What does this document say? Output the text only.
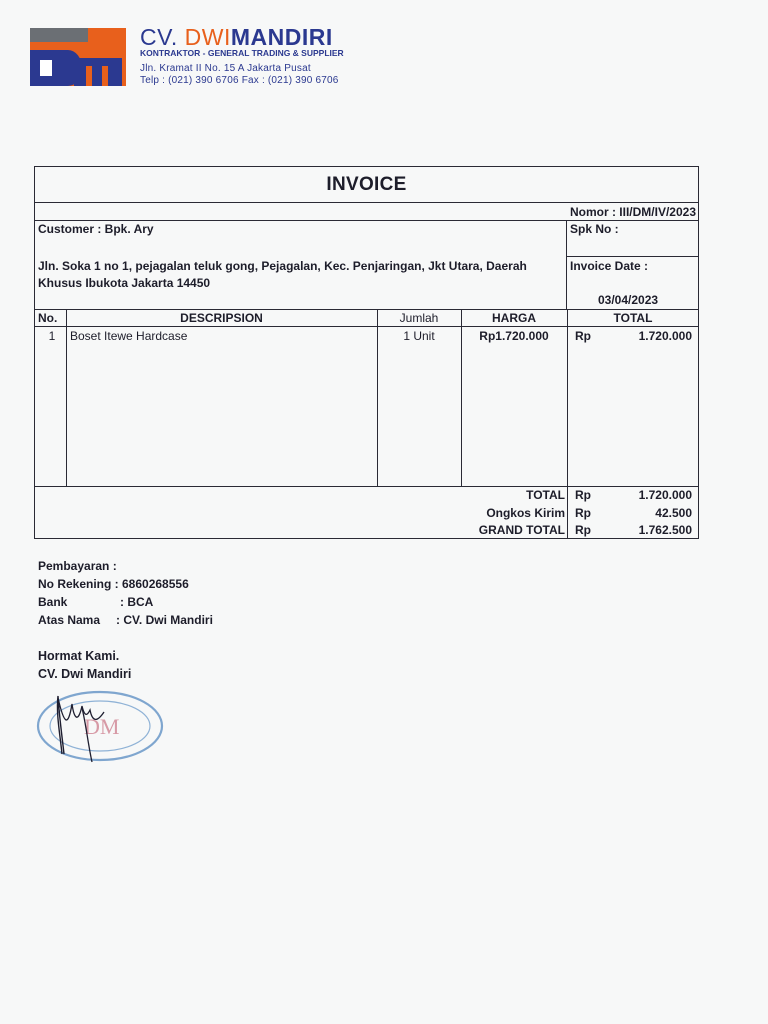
CV. DWIMANDIRI
KONTRAKTOR - GENERAL TRADING & SUPPLIER
Jln. Kramat II No. 15 A Jakarta Pusat
Telp : (021) 390 6706 Fax : (021) 390 6706
INVOICE
Nomor : III/DM/IV/2023
Customer : Bpk. Ary	Spk No :
Jln. Soka 1 no 1, pejagalan teluk gong, Pejagalan, Kec. Penjaringan, Jkt Utara, Daerah
Khusus Ibukota Jakarta 14450
Invoice Date :
03/04/2023
No.	DESCRIPSION	Jumlah	HARGA	TOTAL
1	Boset Itewe Hardcase	1 Unit	Rp1.720.000	Rp	1.720.000
TOTAL Rp	1.720.000
Ongkos Kirim Rp	42.500
GRAND TOTAL Rp	1.762.500
Pembayaran :
No Rekening : 6860268556
Bank	: BCA
Atas Nama : CV. Dwi Mandiri
Hormat Kami.
CV. Dwi Mandiri
DM
